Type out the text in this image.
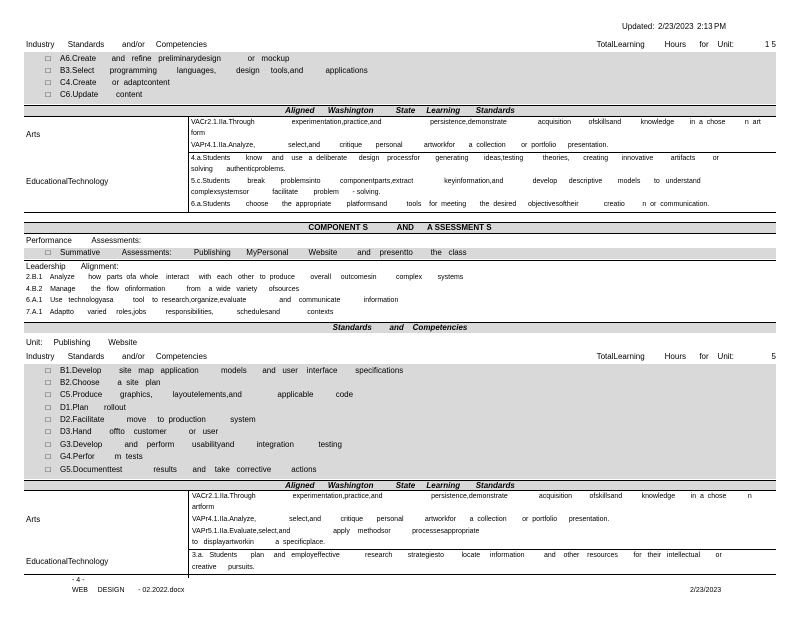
Updated: 2/23/2023 2:13 PM
Industry      Standards        and/or     Competencies	TotalLearning         Hours      for    Unit:	1 5
□ A6.Create       and   refine   preliminarydesign            or   mockup
□ B3.Select       programming         languages,         design     tools,and          applications
□ C4.Create       or  adaptcontent
□ C6.Update        content
Aligned      Washington          State     Learning       Standards
Arts
VACr2.1.IIa.Through                   experimentation,practice,and                         persistence,demonstrate                acquisition         ofskillsand          knowledge        in  a  chose          n  art
form
VAPr4.1.IIa.Analyze,                 select,and          critique       personal           artworkfor       a  collection        or  portfolio      presentation.
EducationalTechnology
4.a.Students        know     and    use   a  deliberate      design    processfor        generating        ideas,testing          theories,       creating       innovative         artifacts         or
solving       authenticproblems.
5.c.Students         break        problemsinto          componentparts,extract                keyinformation,and               develop      descriptive        models       to   understand
complexsystemsor            facilitate        problem       - solving.
6.a.Students        choose       the  appropriate        platformsand          tools    for  meeting       the  desired      objectivesoftheir             creatio         n  or  communication.
COMPONENT S             AND      A SSESSMENT S
Performance         Assessments:
□ Summative          Assessments:          Publishing       MyPersonal         Website         and    presentto        the   class
Leadership       Alignment:
2.B.1    Analyze       how   parts  ofa  whole    interact     with   each   other   to  produce        overall     outcomesin          complex        systems
4.B.2    Manage        the   flow   ofinformation           from    a  wide   variety      ofsources
6.A.1    Use   technologyasa          tool    to  research,organize,evaluate                 and    communicate            information
7.A.1    Adaptto       varied     roles,jobs          responsibilities,            schedulesand              contexts
Standards        and    Competencies
Unit:     Publishing        Website
Industry      Standards        and/or     Competencies	TotalLearning         Hours      for    Unit:	5
□ B1.Develop        site   map   application          models       and   user    interface        specifications
□ B2.Choose        a  site   plan
□ C5.Produce        graphics,         layoutelements,and                applicable          code
□ D1.Plan       rollout
□ D2.Facilitate          move     to  production           system
□ D3.Hand        offto    customer          or   user
□ G3.Develop          and    perform        usabilityand          integration           testing
□ G4.Perfor         m  tests
□ G5.Documenttest              results       and    take   corrective         actions
Aligned      Washington          State     Learning       Standards
Arts
VACr2.1.IIa.Through                   experimentation,practice,and                         persistence,demonstrate                acquisition         ofskillsand          knowledge        in  a  chose           n
artform
VAPr4.1.IIa.Analyze,                 select,and          critique       personal           artworkfor       a  collection        or  portfolio      presentation.
VAPr5.1.IIa.Evaluate,select,and                      apply    methodsor           processesappropriate
to   displayartworkin           a  specificplace.
EducationalTechnology
3.a.   Students       plan     and   employeffective             research        strategiesto         locate     information          and    other    resources        for   their   intellectual        or
creative      pursuits.
- 4 -
WEB     DESIGN       - 02.2022.docx	2/23/2023
